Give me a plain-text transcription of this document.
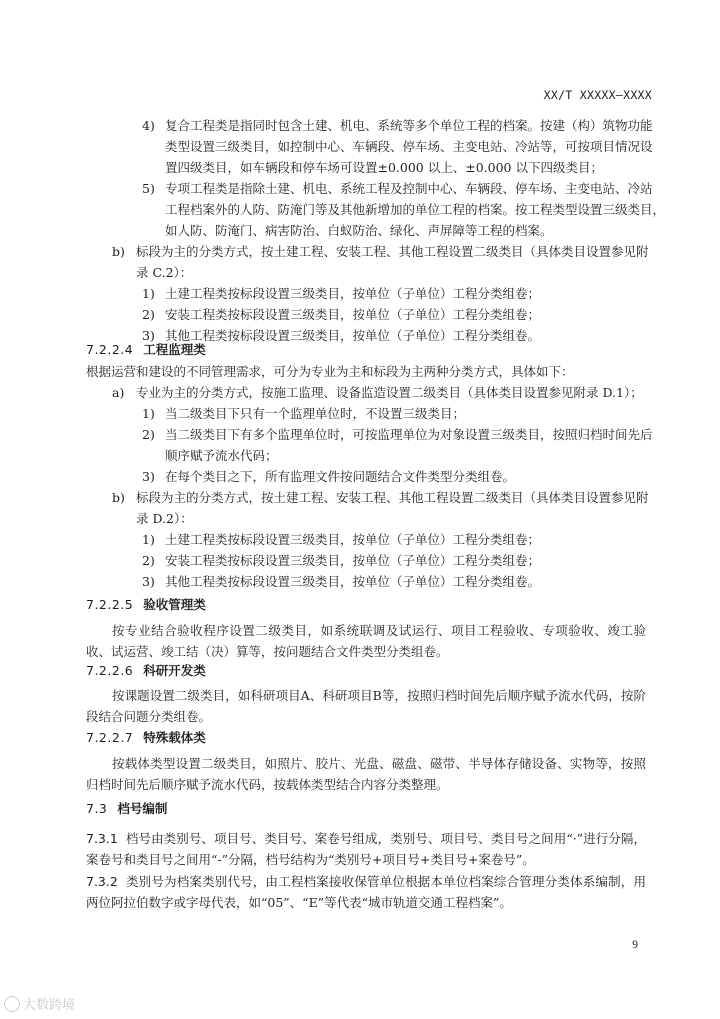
XX/T XXXXX—XXXX
4) 复合工程类是指同时包含土建、机电、系统等多个单位工程的档案。按建（构）筑物功能
类型设置三级类目，如控制中心、车辆段、停车场、主变电站、冷站等，可按项目情况设
置四级类目，如车辆段和停车场可设置±0.000 以上、±0.000 以下四级类目；
5) 专项工程类是指除土建、机电、系统工程及控制中心、车辆段、停车场、主变电站、冷站
工程档案外的人防、防淹门等及其他新增加的单位工程的档案。按工程类型设置三级类目，
如人防、防淹门、病害防治、白蚁防治、绿化、声屏障等工程的档案。
b) 标段为主的分类方式，按土建工程、安装工程、其他工程设置二级类目（具体类目设置参见附
录 C.2）：
1) 土建工程类按标段设置三级类目，按单位（子单位）工程分类组卷；
2) 安装工程类按标段设置三级类目，按单位（子单位）工程分类组卷；
3) 其他工程类按标段设置三级类目，按单位（子单位）工程分类组卷。
7.2.2.4 工程监理类
根据运营和建设的不同管理需求，可分为专业为主和标段为主两种分类方式，具体如下：
a) 专业为主的分类方式，按施工监理、设备监造设置二级类目（具体类目设置参见附录 D.1）；
1) 当二级类目下只有一个监理单位时，不设置三级类目；
2) 当二级类目下有多个监理单位时，可按监理单位为对象设置三级类目，按照归档时间先后
顺序赋予流水代码；
3) 在每个类目之下，所有监理文件按问题结合文件类型分类组卷。
b) 标段为主的分类方式，按土建工程、安装工程、其他工程设置二级类目（具体类目设置参见附
录 D.2）：
1) 土建工程类按标段设置三级类目，按单位（子单位）工程分类组卷；
2) 安装工程类按标段设置三级类目，按单位（子单位）工程分类组卷；
3) 其他工程类按标段设置三级类目，按单位（子单位）工程分类组卷。
7.2.2.5 验收管理类
按专业结合验收程序设置二级类目，如系统联调及试运行、项目工程验收、专项验收、竣工验收、试运营、竣工结（决）算等，按问题结合文件类型分类组卷。
7.2.2.6 科研开发类
按课题设置二级类目，如科研项目A、科研项目B等，按照归档时间先后顺序赋予流水代码，按阶段结合问题分类组卷。
7.2.2.7 特殊载体类
按载体类型设置二级类目，如照片、胶片、光盘、磁盘、磁带、半导体存储设备、实物等，按照归档时间先后顺序赋予流水代码，按载体类型结合内容分类整理。
7.3 档号编制
7.3.1 档号由类别号、项目号、类目号、案卷号组成，类别号、项目号、类目号之间用“·”进行分隔，案卷号和类目号之间用“-”分隔，档号结构为“类别号+项目号+类目号+案卷号”。
7.3.2 类别号为档案类别代号，由工程档案接收保管单位根据本单位档案综合管理分类体系编制，用两位阿拉伯数字或字母代表，如“05”、“E”等代表“城市轨道交通工程档案”。
9
大数跨境
